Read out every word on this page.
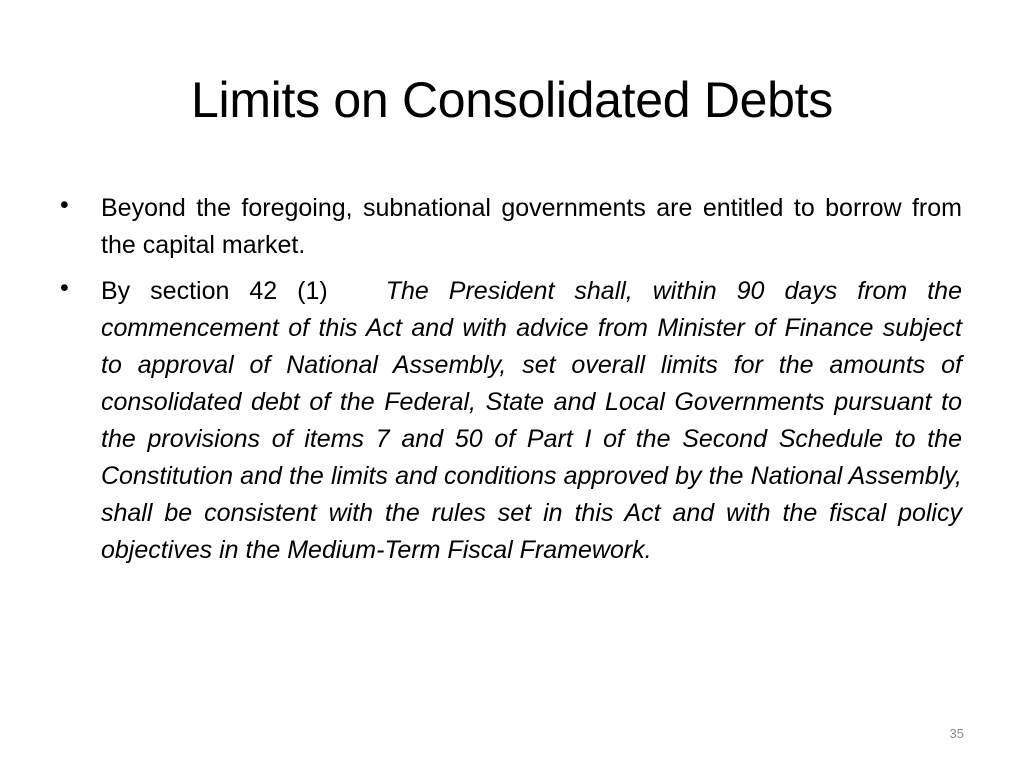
Limits on Consolidated Debts
•	Beyond the foregoing, subnational governments are entitled to borrow from the capital market.
•	By section 42 (1) The President shall, within 90 days from the commencement of this Act and with advice from Minister of Finance subject to approval of National Assembly, set overall limits for the amounts of consolidated debt of the Federal, State and Local Governments pursuant to the provisions of items 7 and 50 of Part I of the Second Schedule to the Constitution and the limits and conditions approved by the National Assembly, shall be consistent with the rules set in this Act and with the fiscal policy objectives in the Medium-Term Fiscal Framework.
35
